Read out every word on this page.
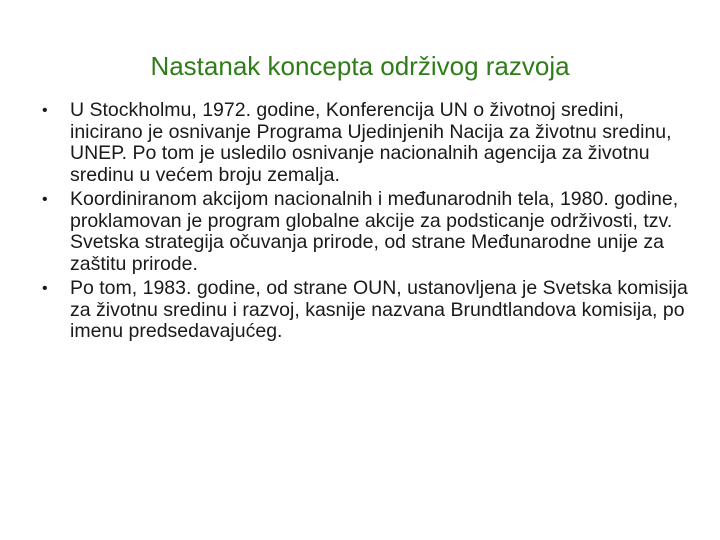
Nastanak koncepta održivog razvoja
• U Stockholmu, 1972. godine, Konferencija UN o životnoj sredini, inicirano je osnivanje Programa Ujedinjenih Nacija za životnu sredinu, UNEP. Po tom je usledilo osnivanje nacionalnih agencija za životnu sredinu u većem broju zemalja.
• Koordiniranom akcijom nacionalnih i međunarodnih tela, 1980. godine, proklamovan je program globalne akcije za podsticanje održivosti, tzv. Svetska strategija očuvanja prirode, od strane Međunarodne unije za zaštitu prirode.
• Po tom, 1983. godine, od strane OUN, ustanovljena je Svetska komisija za životnu sredinu i razvoj, kasnije nazvana Brundtlandova komisija, po imenu predsedavajućeg.
